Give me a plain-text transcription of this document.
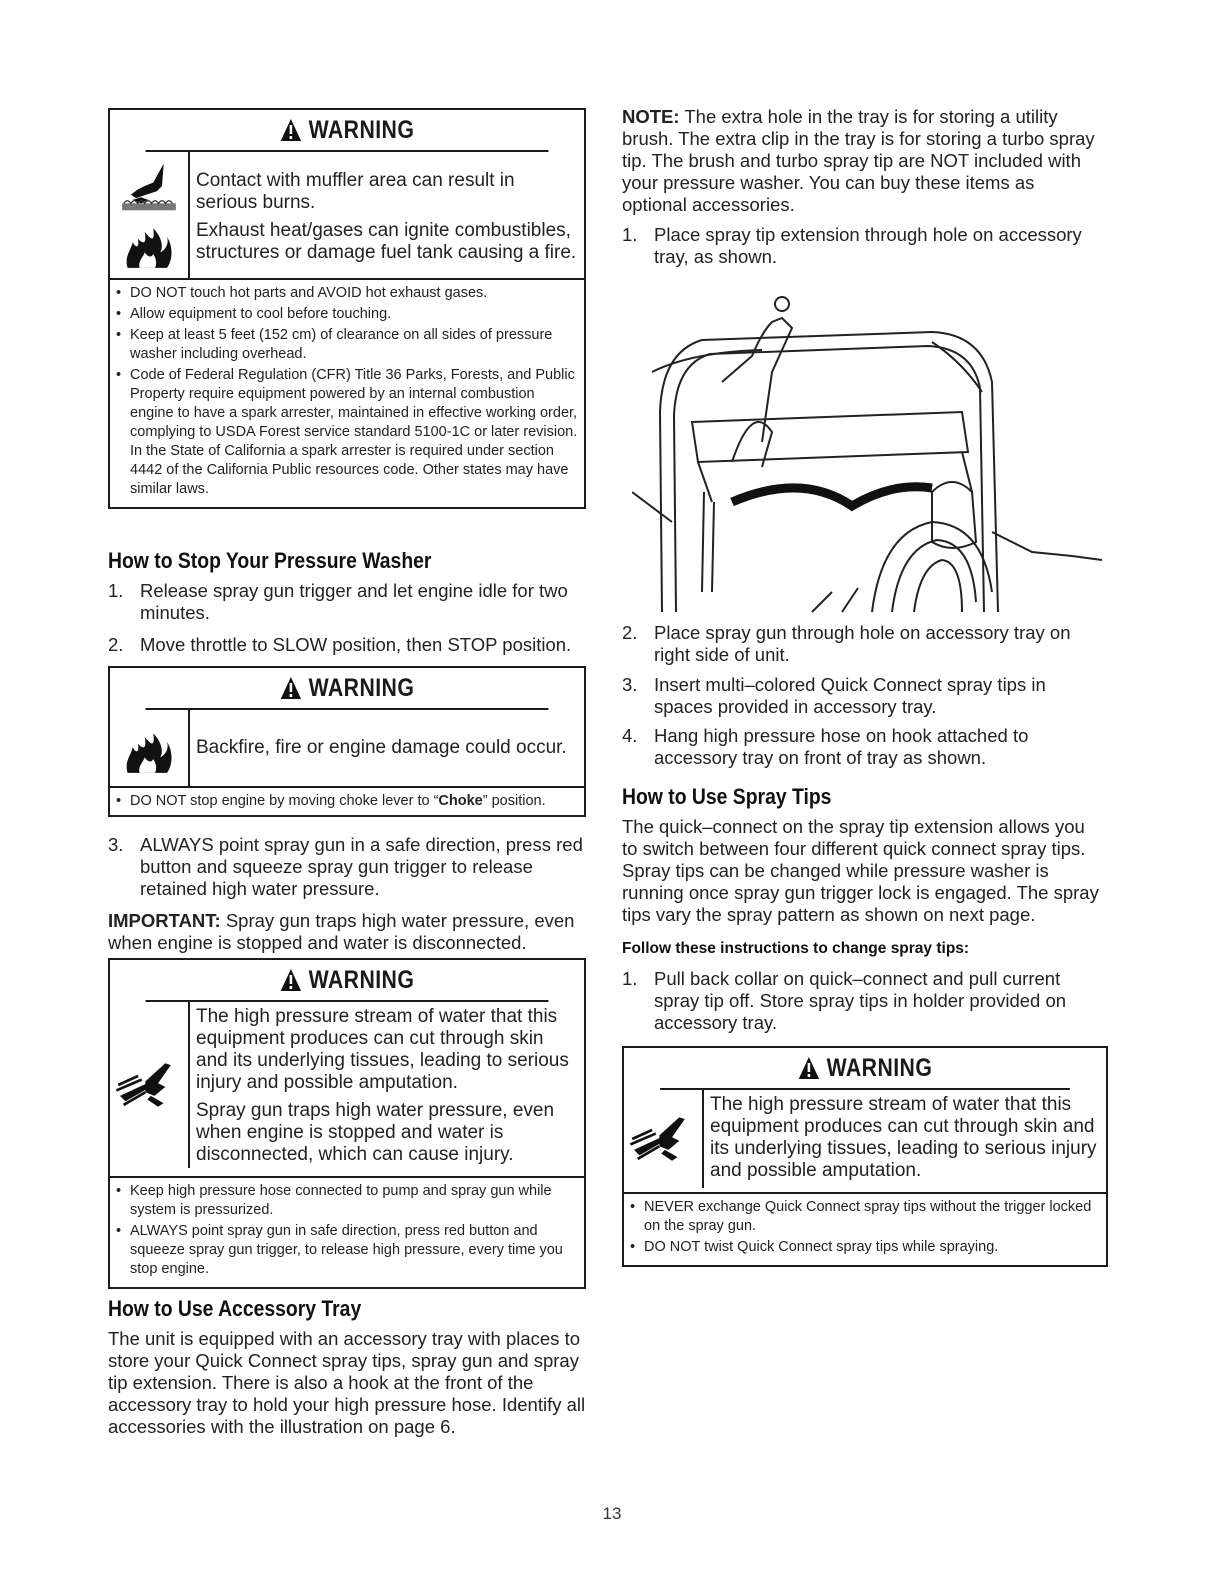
WARNING

Contact with muffler area can result in serious burns.

Exhaust heat/gases can ignite combustibles, structures or damage fuel tank causing a fire.

• DO NOT touch hot parts and AVOID hot exhaust gases.
• Allow equipment to cool before touching.
• Keep at least 5 feet (152 cm) of clearance on all sides of pressure washer including overhead.
• Code of Federal Regulation (CFR) Title 36 Parks, Forests, and Public Property require equipment powered by an internal combustion engine to have a spark arrester, maintained in effective working order, complying to USDA Forest service standard 5100-1C or later revision. In the State of California a spark arrester is required under section 4442 of the California Public resources code. Other states may have similar laws.
How to Stop Your Pressure Washer
1. Release spray gun trigger and let engine idle for two minutes.
2. Move throttle to SLOW position, then STOP position.
WARNING

Backfire, fire or engine damage could occur.

• DO NOT stop engine by moving choke lever to “Choke” position.
3. ALWAYS point spray gun in a safe direction, press red button and squeeze spray gun trigger to release retained high water pressure.

IMPORTANT: Spray gun traps high water pressure, even when engine is stopped and water is disconnected.

WARNING

The high pressure stream of water that this equipment produces can cut through skin and its underlying tissues, leading to serious injury and possible amputation.

Spray gun traps high water pressure, even when engine is stopped and water is disconnected, which can cause injury.

• Keep high pressure hose connected to pump and spray gun while system is pressurized.
• ALWAYS point spray gun in safe direction, press red button and squeeze spray gun trigger, to release high pressure, every time you stop engine.
How to Use Accessory Tray

The unit is equipped with an accessory tray with places to store your Quick Connect spray tips, spray gun and spray tip extension. There is also a hook at the front of the accessory tray to hold your high pressure hose. Identify all accessories with the illustration on page 6.

NOTE: The extra hole in the tray is for storing a utility brush. The extra clip in the tray is for storing a turbo spray tip. The brush and turbo spray tip are NOT included with your pressure washer. You can buy these items as optional accessories.

1. Place spray tip extension through hole on accessory tray, as shown.
2. Place spray gun through hole on accessory tray on right side of unit.
3. Insert multi–colored Quick Connect spray tips in spaces provided in accessory tray.
4. Hang high pressure hose on hook attached to accessory tray on front of tray as shown.
How to Use Spray Tips

The quick–connect on the spray tip extension allows you to switch between four different quick connect spray tips. Spray tips can be changed while pressure washer is running once spray gun trigger lock is engaged. The spray tips vary the spray pattern as shown on next page.

Follow these instructions to change spray tips:
1. Pull back collar on quick–connect and pull current spray tip off. Store spray tips in holder provided on accessory tray.
WARNING

The high pressure stream of water that this equipment produces can cut through skin and its underlying tissues, leading to serious injury and possible amputation.

• NEVER exchange Quick Connect spray tips without the trigger locked on the spray gun.
• DO NOT twist Quick Connect spray tips while spraying.
13
